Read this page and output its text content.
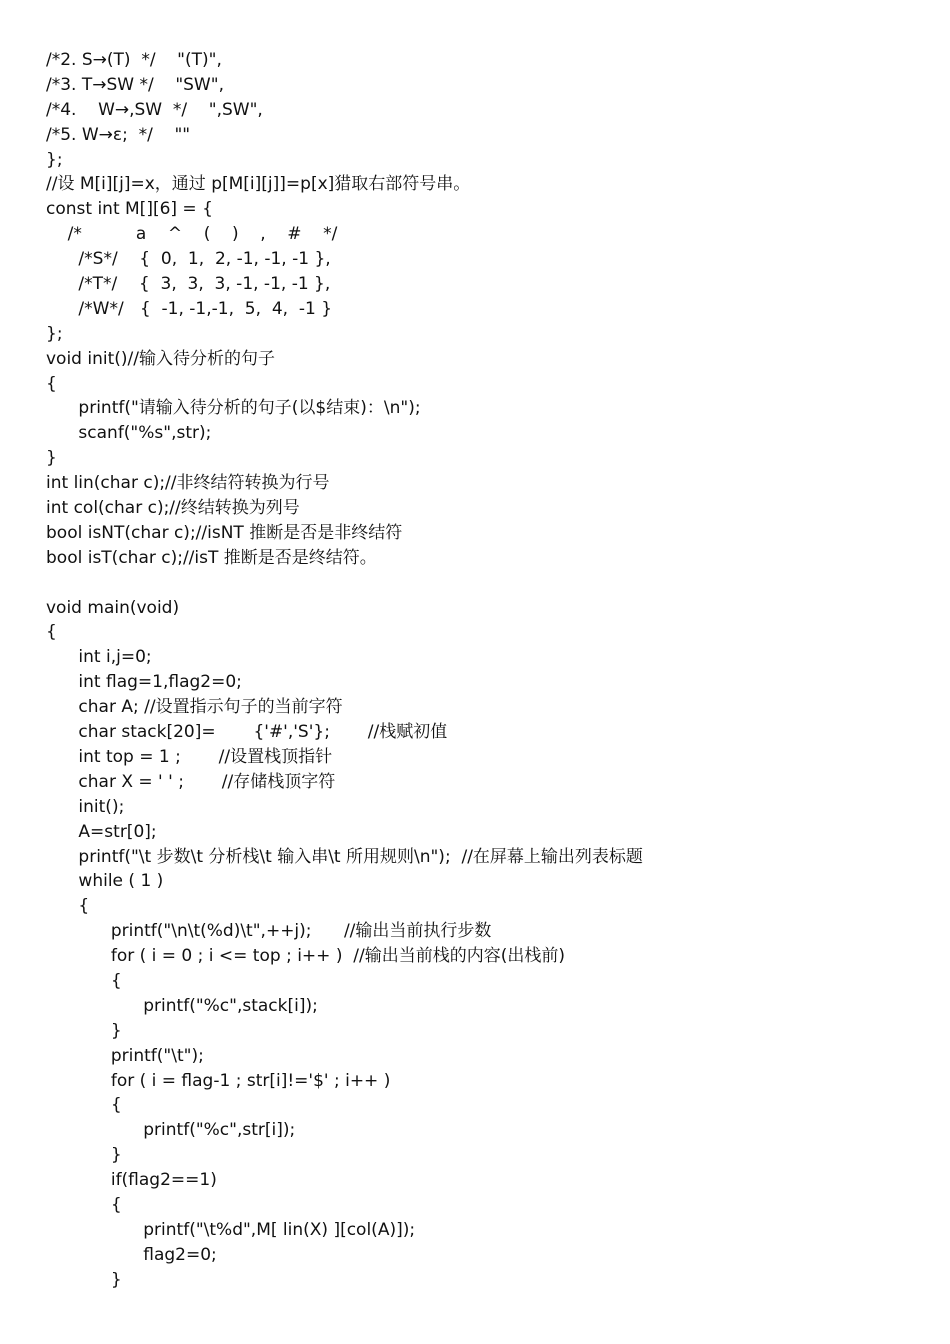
/*2. S→(T)  */    "(T)",
/*3. T→SW */    "SW",
/*4.    W→,SW  */    ",SW",
/*5. W→ε;  */    ""
};
//设 M[i][j]=x，通过 p[M[i][j]]=p[x]猎取右部符号串。
const int M[][6] = {
/*          a    ^    (    )    ,    #    */
/*S*/    {  0,  1,  2, -1, -1, -1 },
/*T*/    {  3,  3,  3, -1, -1, -1 },
/*W*/   {  -1, -1,-1,  5,  4,  -1 }
};
void init()//输入待分析的句子
{
printf("请输入待分析的句子(以$结束)：\n");
scanf("%s",str);
}
int lin(char c);//非终结符转换为行号
int col(char c);//终结转换为列号
bool isNT(char c);//isNT 推断是否是非终结符
bool isT(char c);//isT 推断是否是终结符。
void main(void)
{
int i,j=0;
int flag=1,flag2=0;
char A; //设置指示句子的当前字符
char stack[20]=       {'#','S'};       //栈赋初值
int top = 1 ;       //设置栈顶指针
char X = ' ' ;       //存储栈顶字符
init();
A=str[0];
printf("\t 步数\t 分析栈\t 输入串\t 所用规则\n");  //在屏幕上输出列表标题
while ( 1 )
{
printf("\n\t(%d)\t",++j);      //输出当前执行步数
for ( i = 0 ; i <= top ; i++ )  //输出当前栈的内容(出栈前)
{
printf("%c",stack[i]);
}
printf("\t");
for ( i = flag-1 ; str[i]!='$' ; i++ )
{
printf("%c",str[i]);
}
if(flag2==1)
{
printf("\t%d",M[ lin(X) ][col(A)]);
flag2=0;
}
